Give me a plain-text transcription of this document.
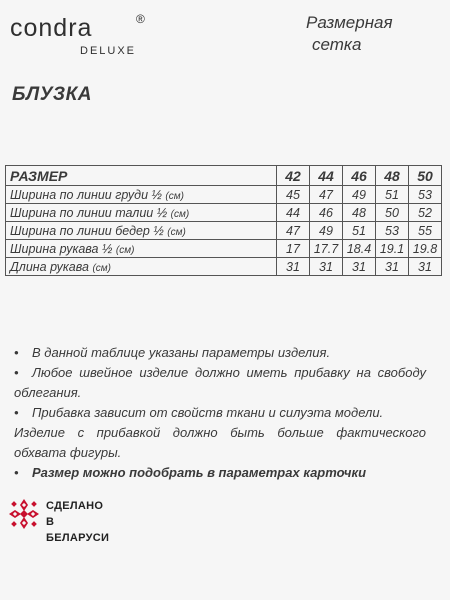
condra	®
DELUXE
Размерная
сетка
БЛУЗКА
РАЗМЕР	42	44	46	48	50
Ширина по линии груди ½ (см)	45	47	49	51	53
Ширина по линии талии ½ (см)	44	46	48	50	52
Ширина по линии бедер ½ (см)	47	49	51	53	55
Ширина рукава ½ (см)	17	17.7	18.4	19.1	19.8
Длина рукава (см)	31	31	31	31	31

• В данной таблице указаны параметры изделия.

• Любое швейное изделие должно иметь прибавку на свободу облегания.

• Прибавка зависит от свойств ткани и силуэта модели.

Изделие с прибавкой должно быть больше фактического обхвата фигуры.

• Размер можно подобрать в параметрах карточки

СДЕЛАНО
В БЕЛАРУСИ
